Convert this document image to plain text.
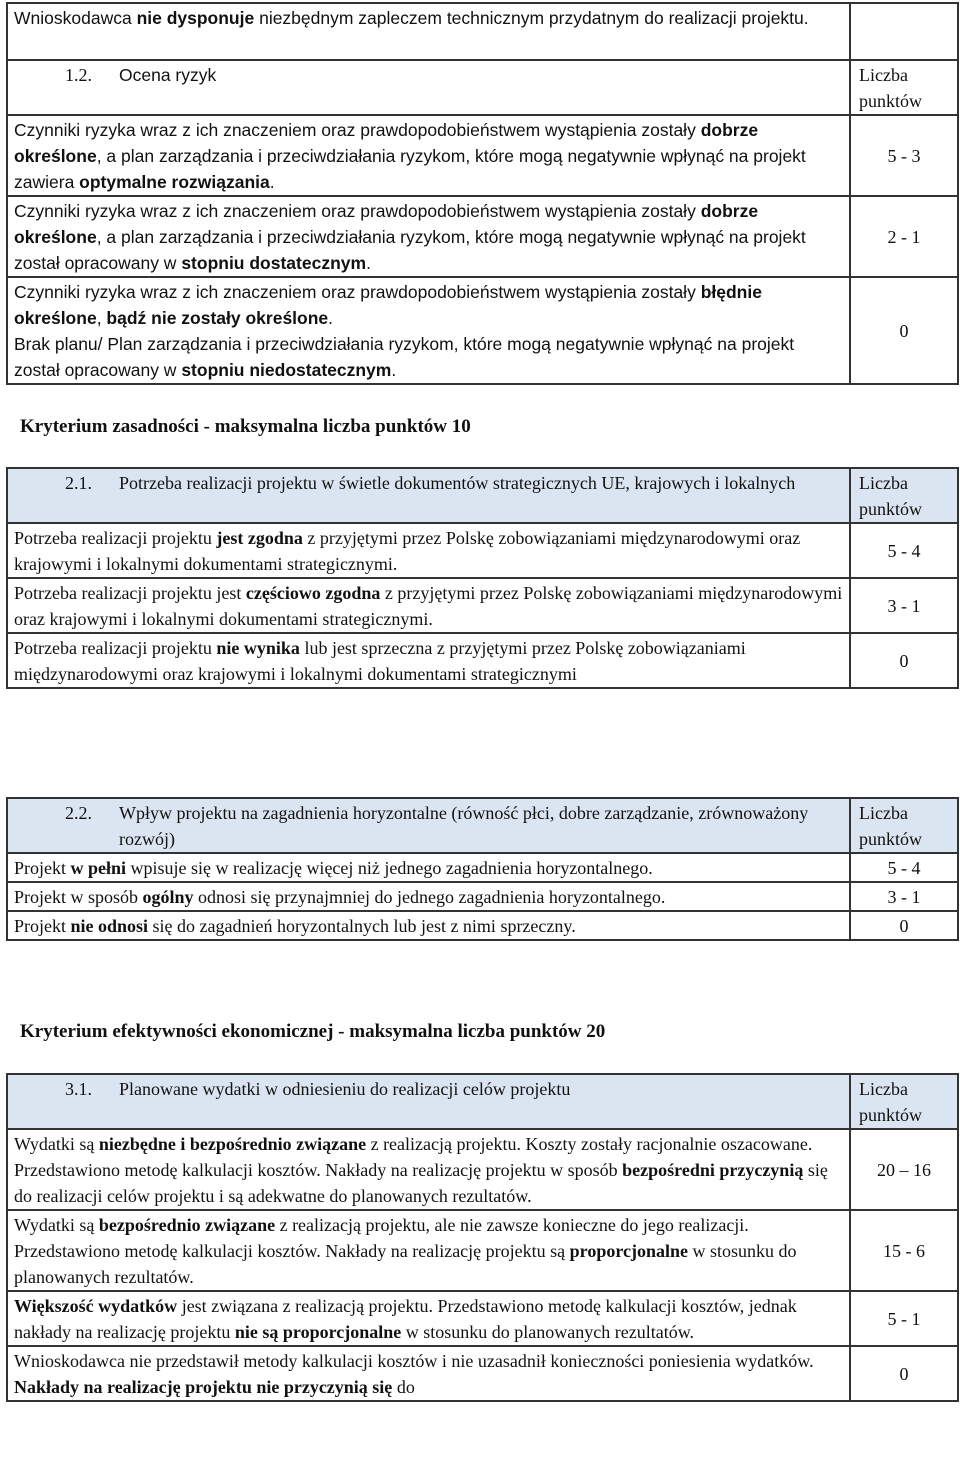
Wnioskodawca nie dysponuje niezbędnym zapleczem technicznym przydatnym do realizacji projektu.	

1.2. Ocena ryzyk	Liczba punktów
Czynniki ryzyka wraz z ich znaczeniem oraz prawdopodobieństwem wystąpienia zostały dobrze określone, a plan zarządzania i przeciwdziałania ryzykom, które mogą negatywnie wpłynąć na projekt zawiera optymalne rozwiązania.	5 - 3
Czynniki ryzyka wraz z ich znaczeniem oraz prawdopodobieństwem wystąpienia zostały dobrze określone, a plan zarządzania i przeciwdziałania ryzykom, które mogą negatywnie wpłynąć na projekt został opracowany w stopniu dostatecznym.	2 - 1
Czynniki ryzyka wraz z ich znaczeniem oraz prawdopodobieństwem wystąpienia zostały błędnie określone, bądź nie zostały określone.
Brak planu/ Plan zarządzania i przeciwdziałania ryzykom, które mogą negatywnie wpłynąć na projekt został opracowany w stopniu niedostatecznym.	0
Kryterium zasadności - maksymalna liczba punktów 10
2.1. Potrzeba realizacji projektu w świetle dokumentów strategicznych UE, krajowych i lokalnych	Liczba punktów
Potrzeba realizacji projektu jest zgodna z przyjętymi przez Polskę zobowiązaniami międzynarodowymi oraz krajowymi i lokalnymi dokumentami strategicznymi.	5 - 4
Potrzeba realizacji projektu jest częściowo zgodna z przyjętymi przez Polskę zobowiązaniami międzynarodowymi oraz krajowymi i lokalnymi dokumentami strategicznymi.	3 - 1
Potrzeba realizacji projektu nie wynika lub jest sprzeczna z przyjętymi przez Polskę zobowiązaniami międzynarodowymi oraz krajowymi i lokalnymi dokumentami strategicznymi	0
2.2. Wpływ projektu na zagadnienia horyzontalne (równość płci, dobre zarządzanie, zrównoważony rozwój)	Liczba punktów
Projekt w pełni wpisuje się w realizację więcej niż jednego zagadnienia horyzontalnego.	5 - 4
Projekt w sposób ogólny odnosi się przynajmniej do jednego zagadnienia horyzontalnego.	3 - 1
Projekt nie odnosi się do zagadnień horyzontalnych lub jest z nimi sprzeczny.	0
Kryterium efektywności ekonomicznej - maksymalna liczba punktów 20
3.1. Planowane wydatki w odniesieniu do realizacji celów projektu	Liczba punktów
Wydatki są niezbędne i bezpośrednio związane z realizacją projektu. Koszty zostały racjonalnie oszacowane. Przedstawiono metodę kalkulacji kosztów. Nakłady na realizację projektu w sposób bezpośredni przyczynią się do realizacji celów projektu i są adekwatne do planowanych rezultatów.	20 – 16
Wydatki są bezpośrednio związane z realizacją projektu, ale nie zawsze konieczne do jego realizacji. Przedstawiono metodę kalkulacji kosztów. Nakłady na realizację projektu są proporcjonalne w stosunku do planowanych rezultatów.	15 - 6
Większość wydatków jest związana z realizacją projektu. Przedstawiono metodę kalkulacji kosztów, jednak nakłady na realizację projektu nie są proporcjonalne w stosunku do planowanych rezultatów.	5 - 1
Wnioskodawca nie przedstawił metody kalkulacji kosztów i nie uzasadnił konieczności poniesienia wydatków. Nakłady na realizację projektu nie przyczynią się do	0
